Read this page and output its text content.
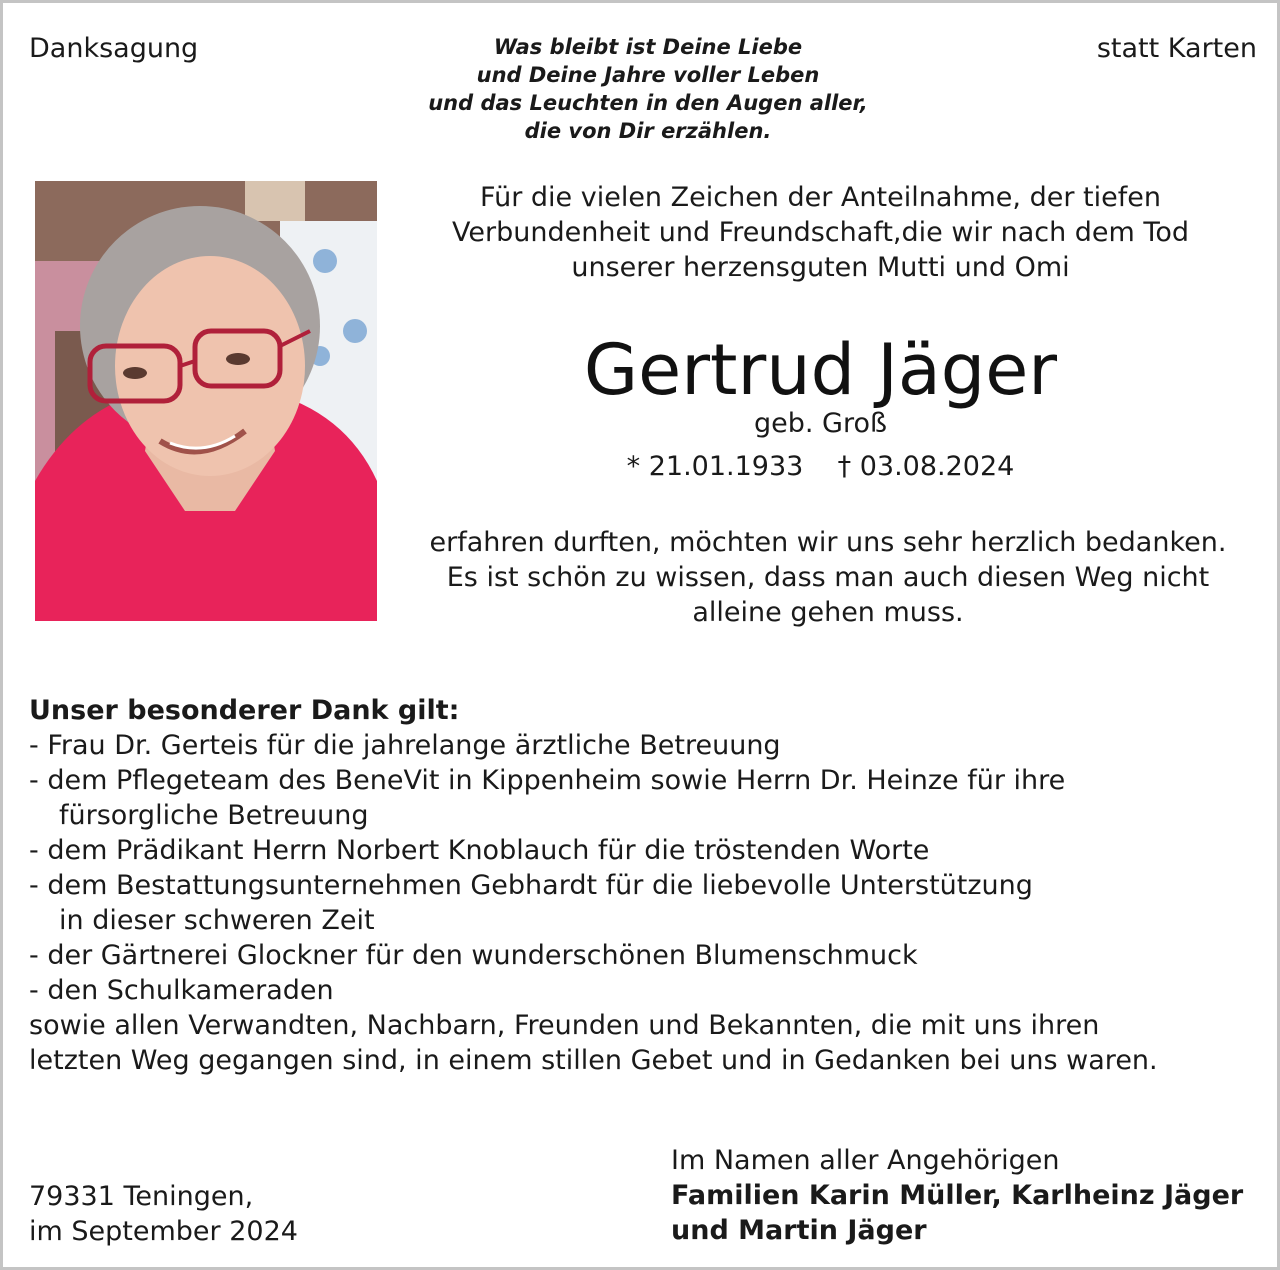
Danksagung	statt Karten
Was bleibt ist Deine Liebe
und Deine Jahre voller Leben
und das Leuchten in den Augen aller,
die von Dir erzählen.
Für die vielen Zeichen der Anteilnahme, der tiefen
Verbundenheit und Freundschaft,die wir nach dem Tod
unserer herzensguten Mutti und Omi
Gertrud Jäger
geb. Groß
* 21.01.1933    † 03.08.2024
erfahren durften, möchten wir uns sehr herzlich bedanken.
Es ist schön zu wissen, dass man auch diesen Weg nicht
alleine gehen muss.
Unser besonderer Dank gilt:
- Frau Dr. Gerteis für die jahrelange ärztliche Betreuung
- dem Pflegeteam des BeneVit in Kippenheim sowie Herrn Dr. Heinze für ihre
fürsorgliche Betreuung
- dem Prädikant Herrn Norbert Knoblauch für die tröstenden Worte
- dem Bestattungsunternehmen Gebhardt für die liebevolle Unterstützung
in dieser schweren Zeit
- der Gärtnerei Glockner für den wunderschönen Blumenschmuck
- den Schulkameraden
sowie allen Verwandten, Nachbarn, Freunden und Bekannten, die mit uns ihren
letzten Weg gegangen sind, in einem stillen Gebet und in Gedanken bei uns waren.
79331 Teningen,
im September 2024
Im Namen aller Angehörigen
Familien Karin Müller, Karlheinz Jäger
und Martin Jäger
